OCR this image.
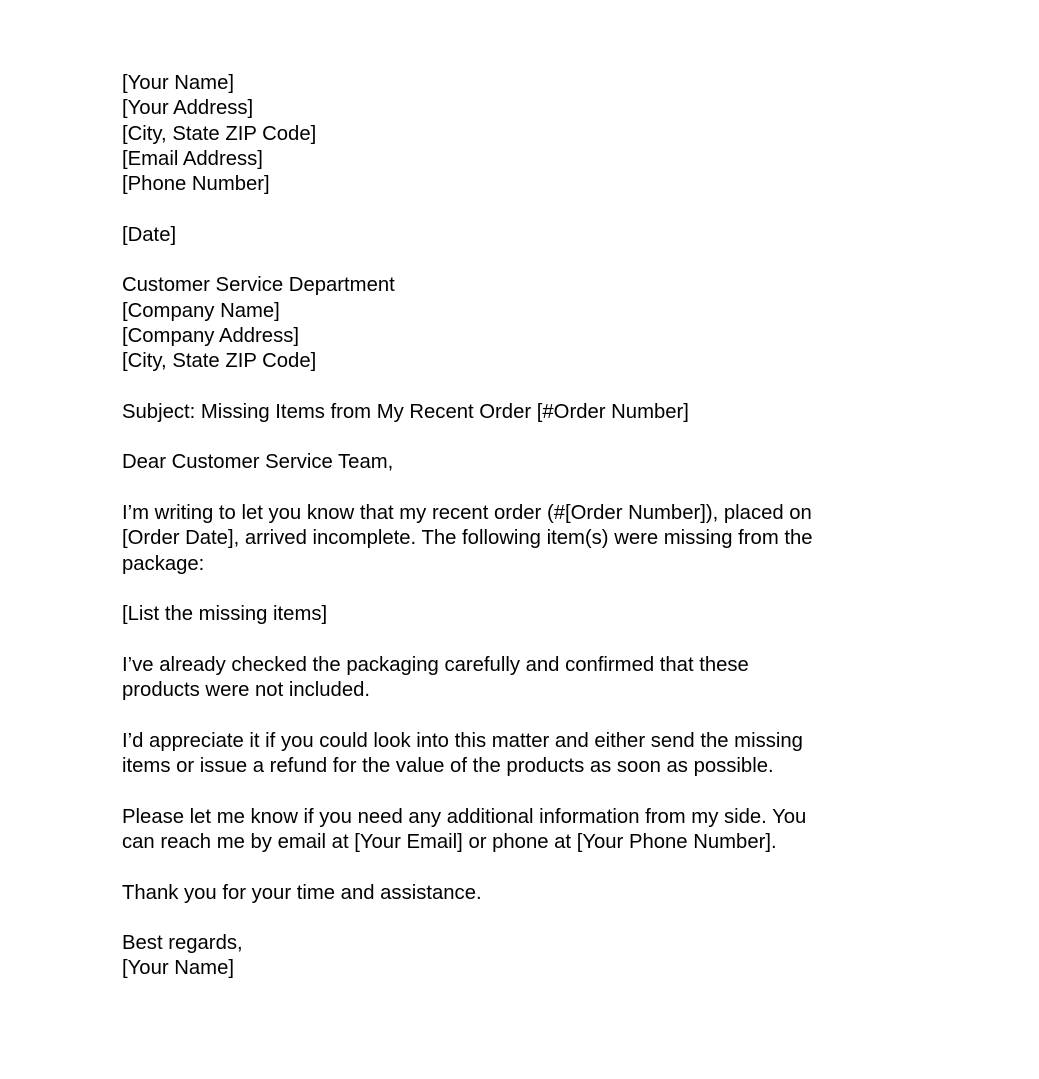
[Your Name]
[Your Address]
[City, State ZIP Code]
[Email Address]
[Phone Number]
[Date]
Customer Service Department
[Company Name]
[Company Address]
[City, State ZIP Code]
Subject: Missing Items from My Recent Order [#Order Number]
Dear Customer Service Team,
I’m writing to let you know that my recent order (#[Order Number]), placed on
[Order Date], arrived incomplete. The following item(s) were missing from the
package:
[List the missing items]
I’ve already checked the packaging carefully and confirmed that these
products were not included.
I’d appreciate it if you could look into this matter and either send the missing
items or issue a refund for the value of the products as soon as possible.
Please let me know if you need any additional information from my side. You
can reach me by email at [Your Email] or phone at [Your Phone Number].
Thank you for your time and assistance.
Best regards,
[Your Name]
